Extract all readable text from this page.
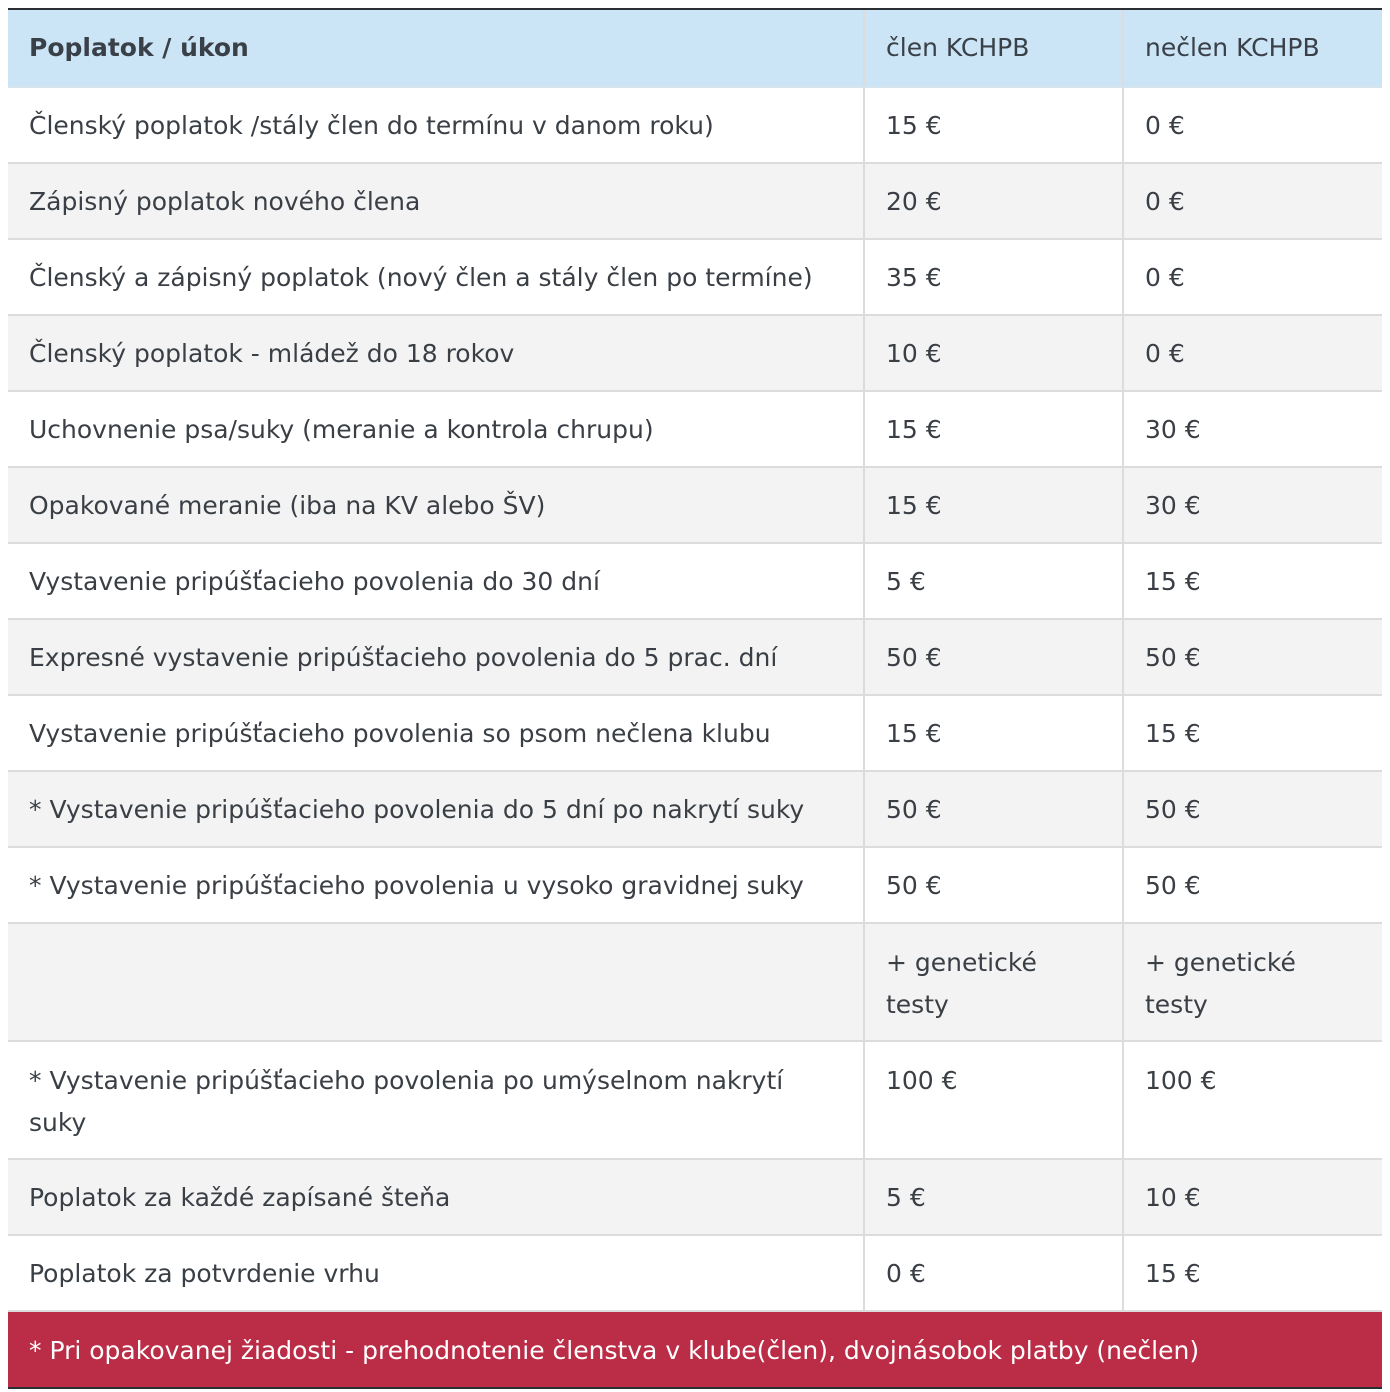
Poplatok / úkon	člen KCHPB	nečlen KCHPB
Členský poplatok /stály člen do termínu v danom roku)	15 €	0 €
Zápisný poplatok nového člena	20 €	0 €
Členský a zápisný poplatok (nový člen a stály člen po termíne)	35 €	0 €
Členský poplatok - mládež do 18 rokov	10 €	0 €
Uchovnenie psa/suky (meranie a kontrola chrupu)	15 €	30 €
Opakované meranie (iba na KV alebo ŠV)	15 €	30 €
Vystavenie pripúšťacieho povolenia do 30 dní	5 €	15 €
Expresné vystavenie pripúšťacieho povolenia do 5 prac. dní	50 €	50 €
Vystavenie pripúšťacieho povolenia so psom nečlena klubu	15 €	15 €
* Vystavenie pripúšťacieho povolenia do 5 dní po nakrytí suky	50 €	50 €
* Vystavenie pripúšťacieho povolenia u vysoko gravidnej suky	50 €	50 €
	+ genetické testy	+ genetické testy
* Vystavenie pripúšťacieho povolenia po umýselnom nakrytí suky	100 €	100 €
Poplatok za každé zapísané šteňa	5 €	10 €
Poplatok za potvrdenie vrhu	0 €	15 €
* Pri opakovanej žiadosti - prehodnotenie členstva v klube(člen), dvojnásobok platby (nečlen)		
